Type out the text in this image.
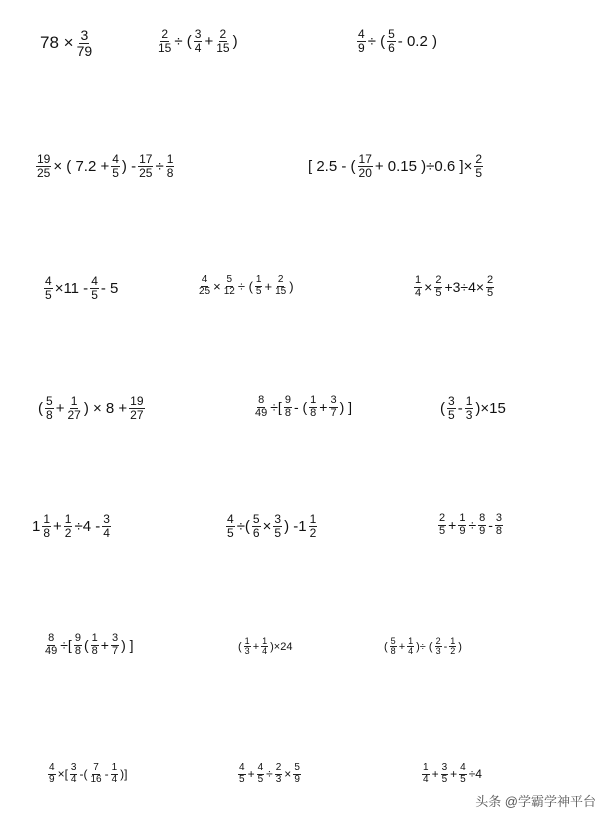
$78 \times \frac{3}{79}$	$\frac{2}{15}$ ÷ ( $\frac{3}{4} + \frac{2}{15}$ )	$\frac{4}{9}$ ÷ ( $\frac{5}{6} - 0.2$ )
$\frac{19}{25}$ × ( $7.2 + \frac{4}{5}$ ) - $\frac{17}{25} \div \frac{1}{8}$	[ 2.5 - ( $\frac{17}{20} + 0.15$ )÷0.6 ]× $\frac{2}{5}$
$\frac{4}{5} \times 11 - \frac{4}{5} - 5$	$\frac{4}{25} \times \frac{5}{12}$ ÷ ( $\frac{1}{5} + \frac{2}{15}$ )	$\frac{1}{4} \times \frac{2}{5} +3\div 4\times \frac{2}{5}$
( $\frac{5}{8} + \frac{1}{27}$ ) × $8 + \frac{19}{27}$	$\frac{8}{49}$ ÷[ $\frac{9}{8}$ - ( $\frac{1}{8} + \frac{3}{7}$ ) ]	( $\frac{3}{5} - \frac{1}{3} )\times 15$
$1 \frac{1}{8} + \frac{1}{2} \div 4 - \frac{3}{4}$	$\frac{4}{5}$ ÷( $\frac{5}{6} \times \frac{3}{5}$ ) - $1 \frac{1}{2}$	$\frac{2}{5} + \frac{1}{9} \div \frac{8}{9} - \frac{3}{8}$
$\frac{8}{49}$ ÷[ $\frac{9}{8}$ ( $\frac{1}{8} + \frac{3}{7}$ ) ]	( $\frac{1}{3} + \frac{1}{4} )\times 24$	( $\frac{5}{8} + \frac{1}{4}$ )÷ ( $\frac{2}{3} - \frac{1}{2}$ )
$\frac{4}{9}$ ×[ $\frac{3}{4}$ -( $\frac{7}{16} - \frac{1}{4}$ )]	$\frac{4}{5} + \frac{4}{5} \div \frac{2}{3} \times \frac{5}{9}$	$\frac{1}{4} + \frac{3}{5} + \frac{4}{5} \div 4$
头条 @学霸学神平台
